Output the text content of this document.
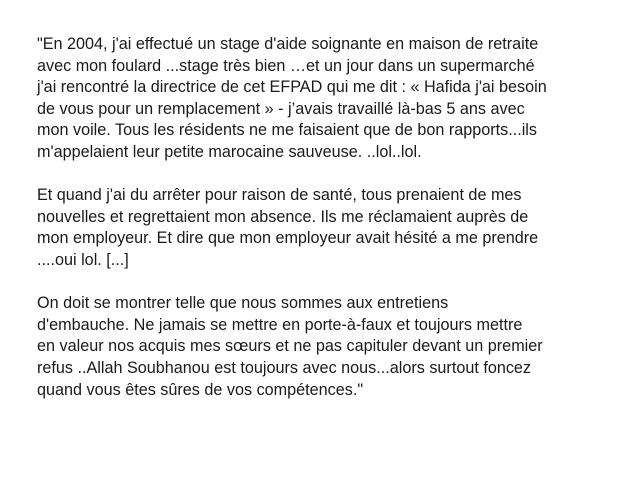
"En 2004, j'ai effectué un stage d'aide soignante en maison de retraite
avec mon foulard ...stage très bien …et un jour dans un supermarché
j'ai rencontré la directrice de cet EFPAD qui me dit : « Hafida j'ai besoin
de vous pour un remplacement » - j’avais travaillé là-bas 5 ans avec
mon voile. Tous les résidents ne me faisaient que de bon rapports...ils
m'appelaient leur petite marocaine sauveuse. ..lol..lol.

Et quand j'ai du arrêter pour raison de santé, tous prenaient de mes
nouvelles et regrettaient mon absence. Ils me réclamaient auprès de
mon employeur. Et dire que mon employeur avait hésité a me prendre
....oui lol. [...]

On doit se montrer telle que nous sommes aux entretiens
d'embauche. Ne jamais se mettre en porte-à-faux et toujours mettre
en valeur nos acquis mes sœurs et ne pas capituler devant un premier
refus ..Allah Soubhanou est toujours avec nous...alors surtout foncez
quand vous êtes sûres de vos compétences."
